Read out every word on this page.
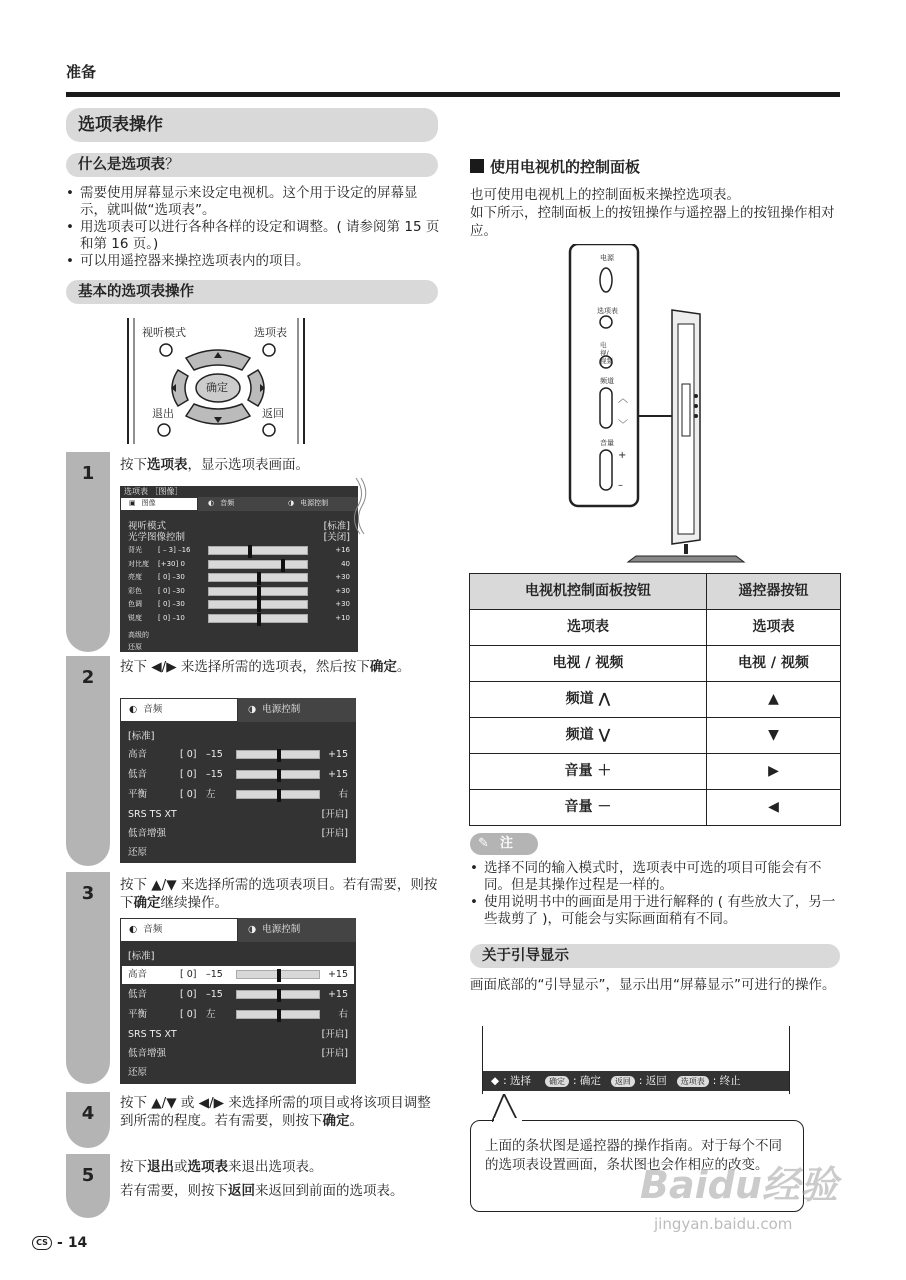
准备
选项表操作
什么是选项表？
• 需要使用屏幕显示来设定电视机。这个用于设定的屏幕显示，就叫做“选项表”。
• 用选项表可以进行各种各样的设定和调整。( 请参阅第 15 页和第 16 页。)
• 可以用遥控器来操控选项表内的项目。
基本的选项表操作
视听模式	选项表
确定
退出	返回
1	按下选项表，显示选项表画面。
选项表 ［图像］
▣ 图像	◐ 音频	◑ 电源控制
视听模式	[标准]
光学图像控制	[关闭]
高级的
还原
背光	[ – 3] –16	+16
对比度	[+30] 0	40
亮度	[ 0] –30	+30
彩色	[ 0] –30	+30
色调	[ 0] –30	+30
锐度	[ 0] –10	+10
2	按下 ◀/▶ 来选择所需的选项表，然后按下确定。
◐ 音频	◑ 电源控制
[标准]
高音	[ 0]	–15	+15
低音	[ 0]	–15	+15
平衡	[ 0]	左	右
SRS TS XT	[开启]
低音增强	[开启]
还原
3	按下 ▲/▼ 来选择所需的选项表项目。若有需要，则按下确定继续操作。
◐ 音频	◑ 电源控制
[标准]
高音	[ 0]	–15	+15
低音	[ 0]	–15	+15
平衡	[ 0]	左	右
SRS TS XT	[开启]
低音增强	[开启]
还原
4	按下 ▲/▼ 或 ◀/▶ 来选择所需的项目或将该项目调整到所需的程度。若有需要，则按下确定。
5	按下退出或选项表来退出选项表。
若有需要，则按下返回来返回到前面的选项表。
使用电视机的控制面板
也可使用电视机上的控制面板来操控选项表。
如下所示，控制面板上的按钮操作与遥控器上的按钮操作相对应。
︿
﹀
+
–
电源
选项表
电视/视频
频道
音量
电视机控制面板按钮	遥控器按钮
选项表	选项表
电视 / 视频	电视 / 视频
频道 ⋀	▲
频道 ⋁	▼
音量 ＋	▶
音量 －	◀
✎ 注
• 选择不同的输入模式时，选项表中可选的项目可能会有不同。但是其操作过程是一样的。
• 使用说明书中的画面是用于进行解释的 ( 有些放大了，另一些裁剪了 )，可能会与实际画面稍有不同。
关于引导显示
画面底部的“引导显示”，显示出用“屏幕显示”可进行的操作。
◆ : 选择	确定 : 确定	返回 : 返回	选项表 : 终止
上面的条状图是遥控器的操作指南。对于每个不同的选项表设置画面，条状图也会作相应的改变。
CS - 14
Baidu经验
jingyan.baidu.com
